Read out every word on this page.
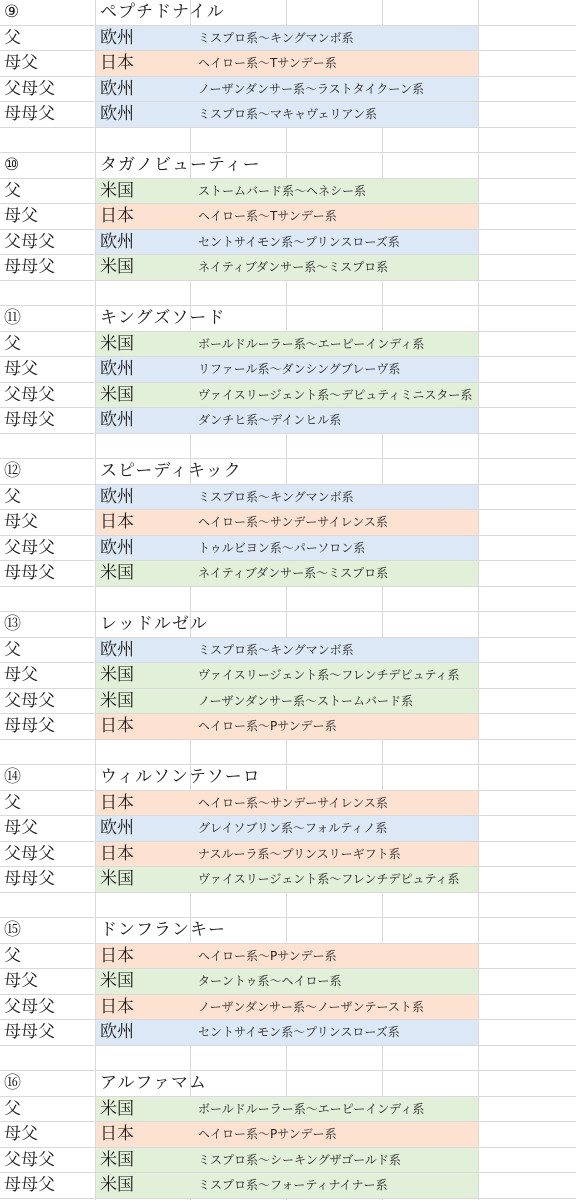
⑨	ペプチドナイル
父	欧州	ミスプロ系～キングマンボ系
母父	日本	ヘイロー系～Tサンデー系
父母父	欧州	ノーザンダンサー系～ラストタイクーン系
母母父	欧州	ミスプロ系～マキャヴェリアン系
⑩	タガノビューティー
父	米国	ストームバード系～ヘネシー系
母父	日本	ヘイロー系～Tサンデー系
父母父	欧州	セントサイモン系～プリンスローズ系
母母父	米国	ネイティブダンサー系～ミスプロ系
⑪	キングズソード
父	米国	ボールドルーラー系～エーピーインディ系
母父	欧州	リファール系～ダンシングブレーヴ系
父母父	米国	ヴァイスリージェント系～デピュティミニスター系
母母父	欧州	ダンチヒ系～デインヒル系
⑫	スピーディキック
父	欧州	ミスプロ系～キングマンボ系
母父	日本	ヘイロー系～サンデーサイレンス系
父母父	欧州	トゥルビヨン系～パーソロン系
母母父	米国	ネイティブダンサー系～ミスプロ系
⑬	レッドルゼル
父	欧州	ミスプロ系～キングマンボ系
母父	米国	ヴァイスリージェント系～フレンチデピュティ系
父母父	米国	ノーザンダンサー系～ストームバード系
母母父	日本	ヘイロー系～Pサンデー系
⑭	ウィルソンテソーロ
父	日本	ヘイロー系～サンデーサイレンス系
母父	欧州	グレイソブリン系～フォルティノ系
父母父	日本	ナスルーラ系～プリンスリーギフト系
母母父	米国	ヴァイスリージェント系～フレンチデピュティ系
⑮	ドンフランキー
父	日本	ヘイロー系～Pサンデー系
母父	米国	ターントゥ系～ヘイロー系
父母父	日本	ノーザンダンサー系～ノーザンテースト系
母母父	欧州	セントサイモン系～プリンスローズ系
⑯	アルファマム
父	米国	ボールドルーラー系～エーピーインディ系
母父	日本	ヘイロー系～Pサンデー系
父母父	米国	ミスプロ系～シーキングザゴールド系
母母父	米国	ミスプロ系～フォーティナイナー系
